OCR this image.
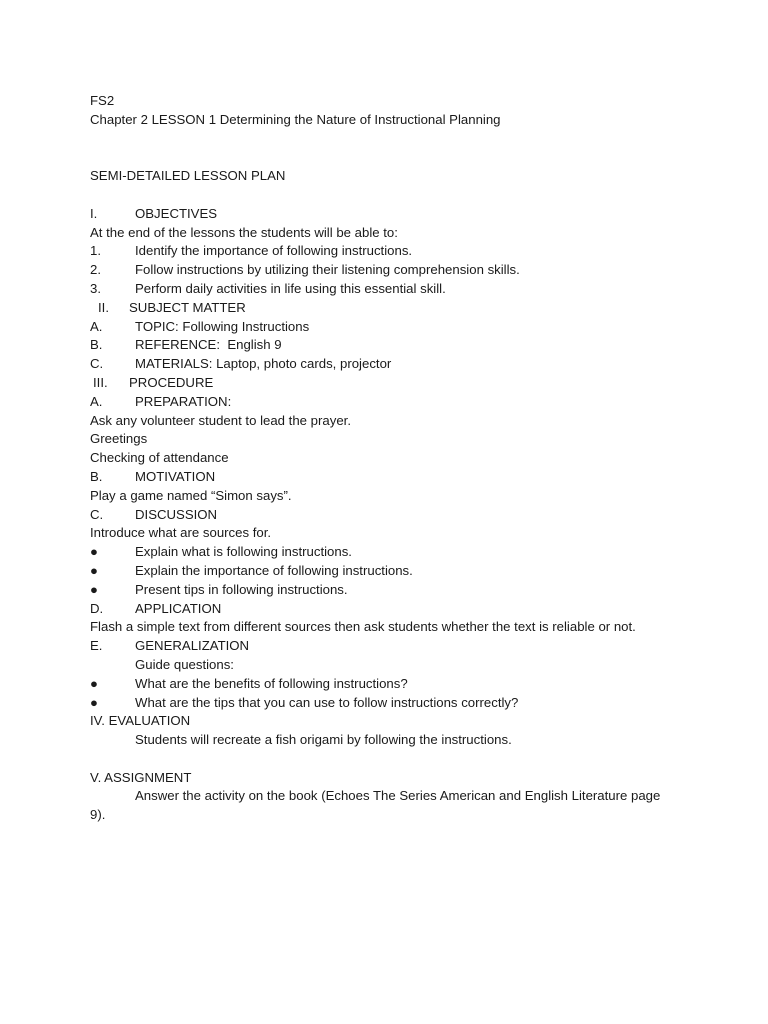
FS2
Chapter 2 LESSON 1 Determining the Nature of Instructional Planning
SEMI-DETAILED LESSON PLAN
I.	OBJECTIVES
At the end of the lessons the students will be able to:
1.	Identify the importance of following instructions.
2.	Follow instructions by utilizing their listening comprehension skills.
3.	Perform daily activities in life using this essential skill.
II. SUBJECT MATTER
A.	TOPIC: Following Instructions
B.	REFERENCE:  English 9
C.	MATERIALS: Laptop, photo cards, projector
III. PROCEDURE
A.	PREPARATION:
Ask any volunteer student to lead the prayer.
Greetings
Checking of attendance
B.	MOTIVATION
Play a game named “Simon says”.
C.	DISCUSSION
Introduce what are sources for.
●	Explain what is following instructions.
●	Explain the importance of following instructions.
●	Present tips in following instructions.
D.	APPLICATION
Flash a simple text from different sources then ask students whether the text is reliable or not.
E.	GENERALIZATION
Guide questions:
●	What are the benefits of following instructions?
●	What are the tips that you can use to follow instructions correctly?
IV. EVALUATION
Students will recreate a fish origami by following the instructions.
V. ASSIGNMENT
Answer the activity on the book (Echoes The Series American and English Literature page 9).
